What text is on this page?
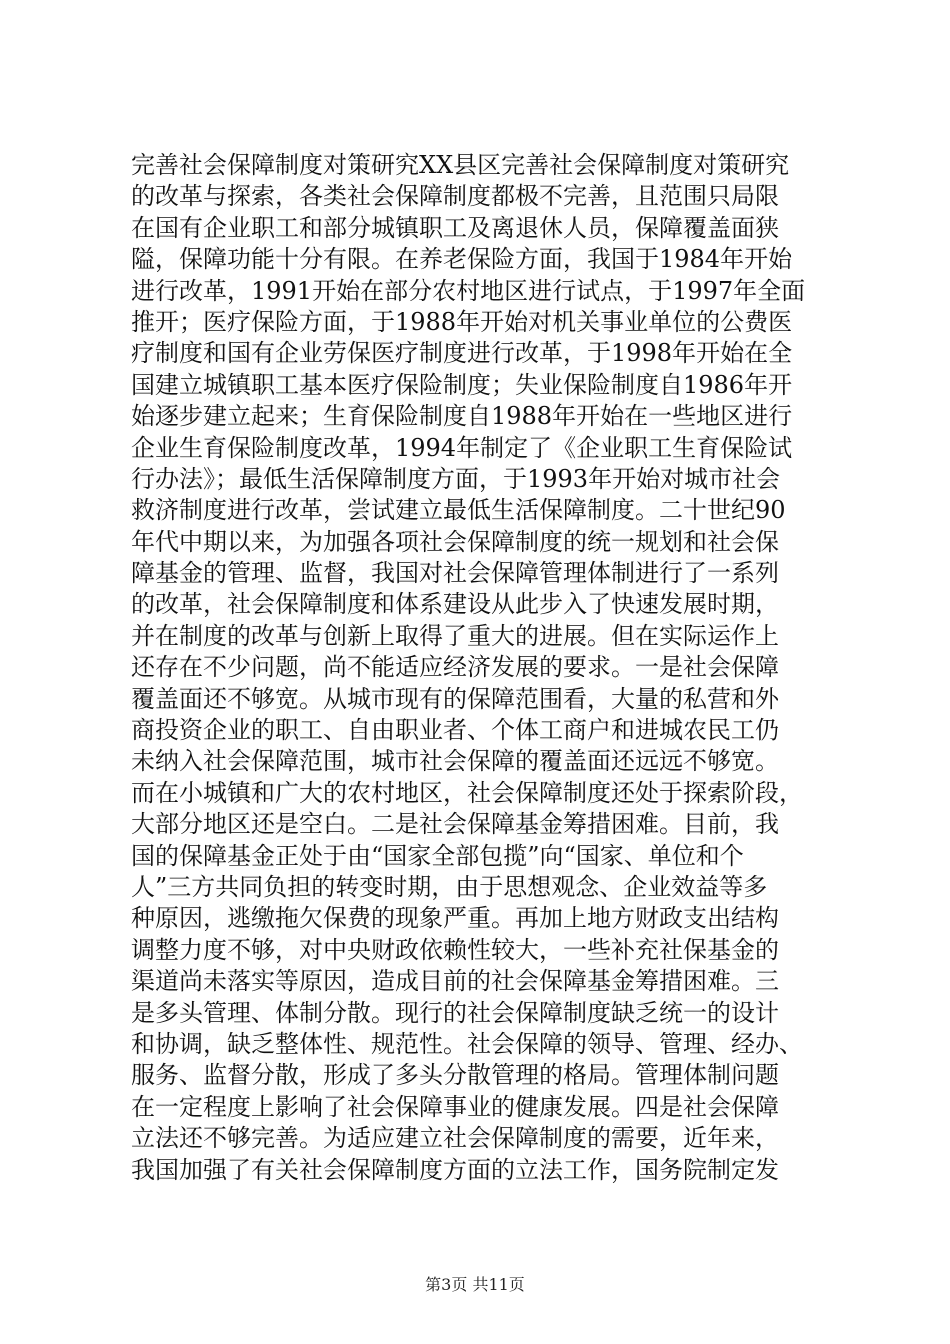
完善社会保障制度对策研究XX县区完善社会保障制度对策研究
的改革与探索，各类社会保障制度都极不完善，且范围只局限
在国有企业职工和部分城镇职工及离退休人员，保障覆盖面狭
隘，保障功能十分有限。在养老保险方面，我国于1984年开始
进行改革，1991开始在部分农村地区进行试点，于1997年全面
推开；医疗保险方面，于1988年开始对机关事业单位的公费医
疗制度和国有企业劳保医疗制度进行改革，于1998年开始在全
国建立城镇职工基本医疗保险制度；失业保险制度自1986年开
始逐步建立起来；生育保险制度自1988年开始在一些地区进行
企业生育保险制度改革，1994年制定了《企业职工生育保险试
行办法》；最低生活保障制度方面，于1993年开始对城市社会
救济制度进行改革，尝试建立最低生活保障制度。二十世纪90
年代中期以来，为加强各项社会保障制度的统一规划和社会保
障基金的管理、监督，我国对社会保障管理体制进行了一系列
的改革，社会保障制度和体系建设从此步入了快速发展时期，
并在制度的改革与创新上取得了重大的进展。但在实际运作上
还存在不少问题，尚不能适应经济发展的要求。一是社会保障
覆盖面还不够宽。从城市现有的保障范围看，大量的私营和外
商投资企业的职工、自由职业者、个体工商户和进城农民工仍
未纳入社会保障范围，城市社会保障的覆盖面还远远不够宽。
而在小城镇和广大的农村地区，社会保障制度还处于探索阶段，
大部分地区还是空白。二是社会保障基金筹措困难。目前，我
国的保障基金正处于由“国家全部包揽”向“国家、单位和个
人”三方共同负担的转变时期，由于思想观念、企业效益等多
种原因，逃缴拖欠保费的现象严重。再加上地方财政支出结构
调整力度不够，对中央财政依赖性较大，一些补充社保基金的
渠道尚未落实等原因，造成目前的社会保障基金筹措困难。三
是多头管理、体制分散。现行的社会保障制度缺乏统一的设计
和协调，缺乏整体性、规范性。社会保障的领导、管理、经办、
服务、监督分散，形成了多头分散管理的格局。管理体制问题
在一定程度上影响了社会保障事业的健康发展。四是社会保障
立法还不够完善。为适应建立社会保障制度的需要，近年来，
我国加强了有关社会保障制度方面的立法工作，国务院制定发
第3页 共11页
